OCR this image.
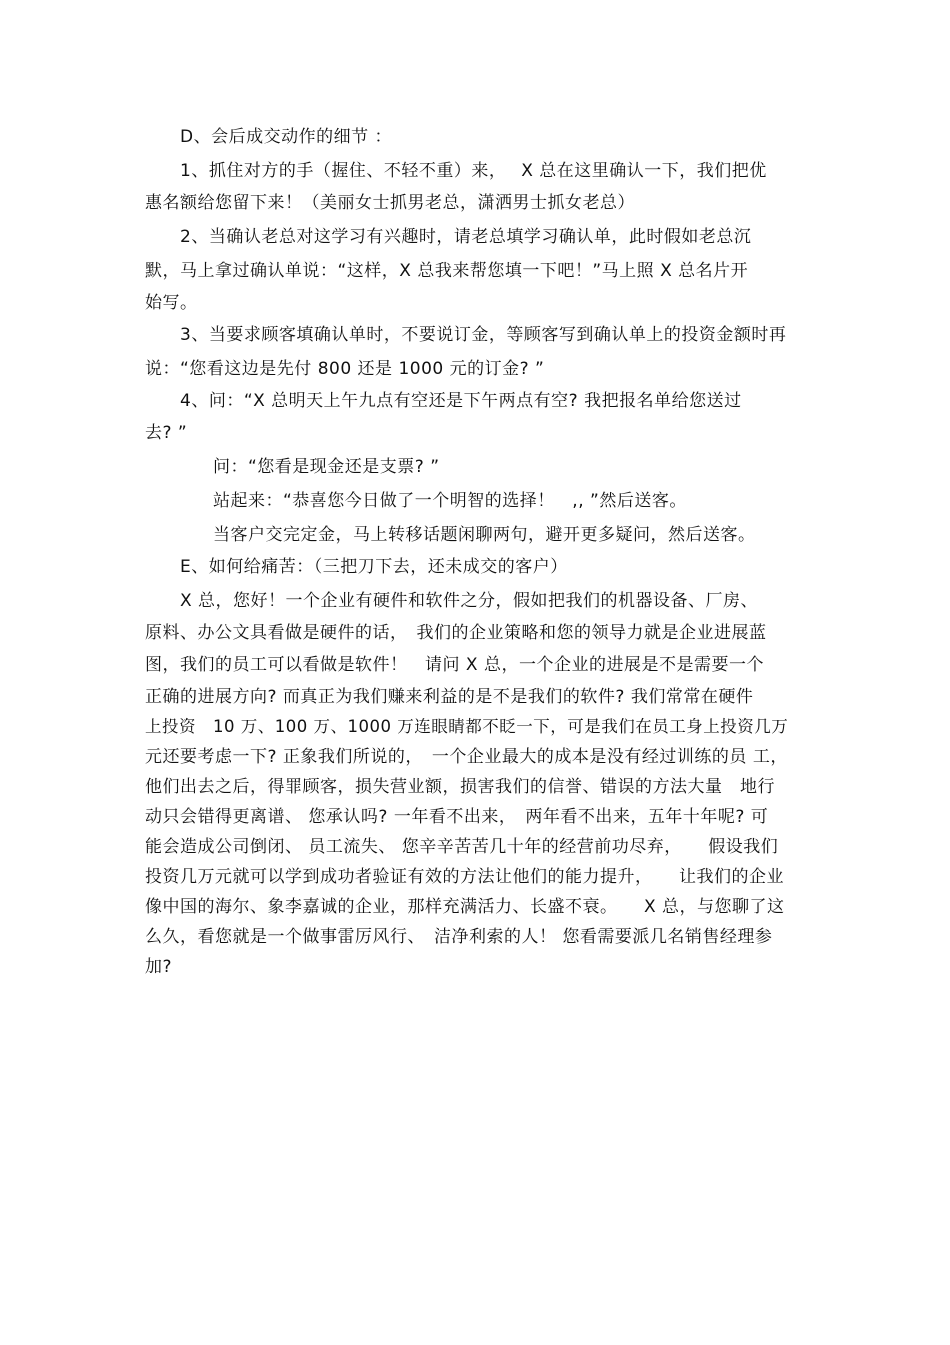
D、会后成交动作的细节 ：
1、抓住对方的手（握住、不轻不重）来，　 X 总在这里确认一下，我们把优
惠名额给您留下来！（美丽女士抓男老总，潇洒男士抓女老总）
2、当确认老总对这学习有兴趣时，请老总填学习确认单，此时假如老总沉
默，马上拿过确认单说：“这样，X 总我来帮您填一下吧！”马上照 X 总名片开
始写。
3、当要求顾客填确认单时，不要说订金，等顾客写到确认单上的投资金额时再
说：“您看这边是先付 800 还是 1000 元的订金? ”
4、问：“X 总明天上午九点有空还是下午两点有空? 我把报名单给您送过
去? ”
问：“您看是现金还是支票? ”
站起来：“恭喜您今日做了一个明智的选择！　,, ”然后送客。
当客户交完定金，马上转移话题闲聊两句，避开更多疑问，然后送客。
E、如何给痛苦：（三把刀下去，还未成交的客户）
X 总，您好！一个企业有硬件和软件之分，假如把我们的机器设备、厂房、
原料、办公文具看做是硬件的话，　我们的企业策略和您的领导力就是企业进展蓝
图，我们的员工可以看做是软件！　请问 X 总，一个企业的进展是不是需要一个
正确的进展方向? 而真正为我们赚来利益的是不是我们的软件? 我们常常在硬件
上投资　10 万、100 万、1000 万连眼睛都不眨一下，可是我们在员工身上投资几万
元还要考虑一下? 正象我们所说的，　一个企业最大的成本是没有经过训练的员 工，
他们出去之后，得罪顾客，损失营业额，损害我们的信誉、错误的方法大量　地行
动只会错得更离谱、 您承认吗? 一年看不出来，　两年看不出来，五年十年呢? 可
能会造成公司倒闭、 员工流失、 您辛辛苦苦几十年的经营前功尽弃，　　假设我们
投资几万元就可以学到成功者验证有效的方法让他们的能力提升，　　让我们的企业
像中国的海尔、象李嘉诚的企业，那样充满活力、长盛不衰。　　X 总，与您聊了这
么久，看您就是一个做事雷厉风行、　洁净利索的人！ 您看需要派几名销售经理参
加?
